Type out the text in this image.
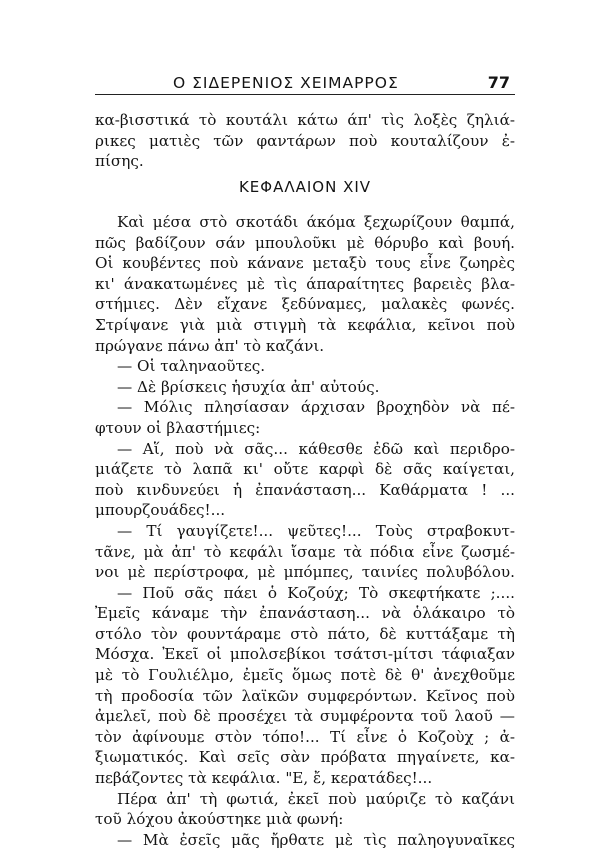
Ο ΣΙΔΕΡΕΝΙΟΣ ΧΕΙΜΑΡΡΟΣ	77
κα-βισστικά τὸ κουτάλι κάτω άπ' τὶς λοξὲς ζηλιά-
ρικες ματιὲς τῶν φαντάρων ποὺ κουταλίζουν ἐ-
πίσης.
ΚΕΦΑΛΑΙΟΝ XIV
Καὶ μέσα στὸ σκοτάδι άκόμα ξεχωρίζουν θαμπά,
πῶς βαδίζουν σάν μπουλοῦκι μὲ θόρυβο καὶ βουή.
Οἱ κουβέντες ποὺ κάνανε μεταξὺ τους εἶνε ζωηρὲς
κι' άνακατωμένες μὲ τὶς άπαραίτητες βαρειὲς βλα-
στήμιες. Δὲν εἴχανε ξεδύναμες, μαλακὲς φωνές.
Στρίψανε γιὰ μιὰ στιγμὴ τὰ κεφάλια, κεῖνοι ποὺ
πρώγανε πάνω ἀπ' τὸ καζάνι.
— Οἱ ταληναοῦτες.
— Δὲ βρίσκεις ἡσυχία ἀπ' αὐτούς.
— Μόλις πλησίασαν άρχισαν βροχηδὸν νὰ πέ-
φτουν οἱ βλαστήμιες:
— Αἵ, ποὺ νὰ σᾶς... κάθεσθε ἐδῶ καὶ περιδρο-
μιάζετε τὸ λαπᾶ κι' οὔτε καρφὶ δὲ σᾶς καίγεται,
ποὺ κινδυνεύει ἡ ἐπανάσταση... Καθάρματα ! ...
μπουρζουάδες!...
— Τί γαυγίζετε!... ψεῦτες!... Τοὺς στραβοκυτ-
τᾶνε, μὰ ἀπ' τὸ κεφάλι ἴσαμε τὰ πόδια εἶνε ζωσμέ-
νοι μὲ περίστροφα, μὲ μπόμπες, ταινίες πολυβόλου.
— Ποῦ σᾶς πάει ὁ Κοζούχ; Τὸ σκεφτήκατε ;....
Ἐμεῖς κάναμε τὴν ἐπανάσταση... νὰ ὁλάκαιρο τὸ
στόλο τὸν φουντάραμε στὸ πάτο, δὲ κυττάξαμε τὴ
Μόσχα. Ἐκεῖ οἱ μπολσεβίκοι τσάτσι-μίτσι τάφιαξαν
μὲ τὸ Γουλιέλμο, ἐμεῖς ὅμως ποτὲ δὲ θ' ἀνεχθοῦμε
τὴ προδοσία τῶν λαϊκῶν συμφερόντων. Κεῖνος ποὺ
ἀμελεῖ, ποὺ δὲ προσέχει τὰ συμφέροντα τοῦ λαοῦ —
τὸν ἀφίνουμε στὸν τόπο!... Τί εἶνε ὁ Κοζοὺχ ; ἀ-
ξιωματικός. Καὶ σεῖς σὰν πρόβατα πηγαίνετε, κα-
πεβάζοντες τὰ κεφάλια. "Ε, ἔ, κερατάδες!...
Πέρα ἀπ' τὴ φωτιά, ἐκεῖ ποὺ μαύριζε τὸ καζάνι
τοῦ λόχου ἀκούστηκε μιὰ φωνή:
— Μὰ ἐσεῖς μᾶς ἤρθατε μὲ τὶς παληογυναῖκες
